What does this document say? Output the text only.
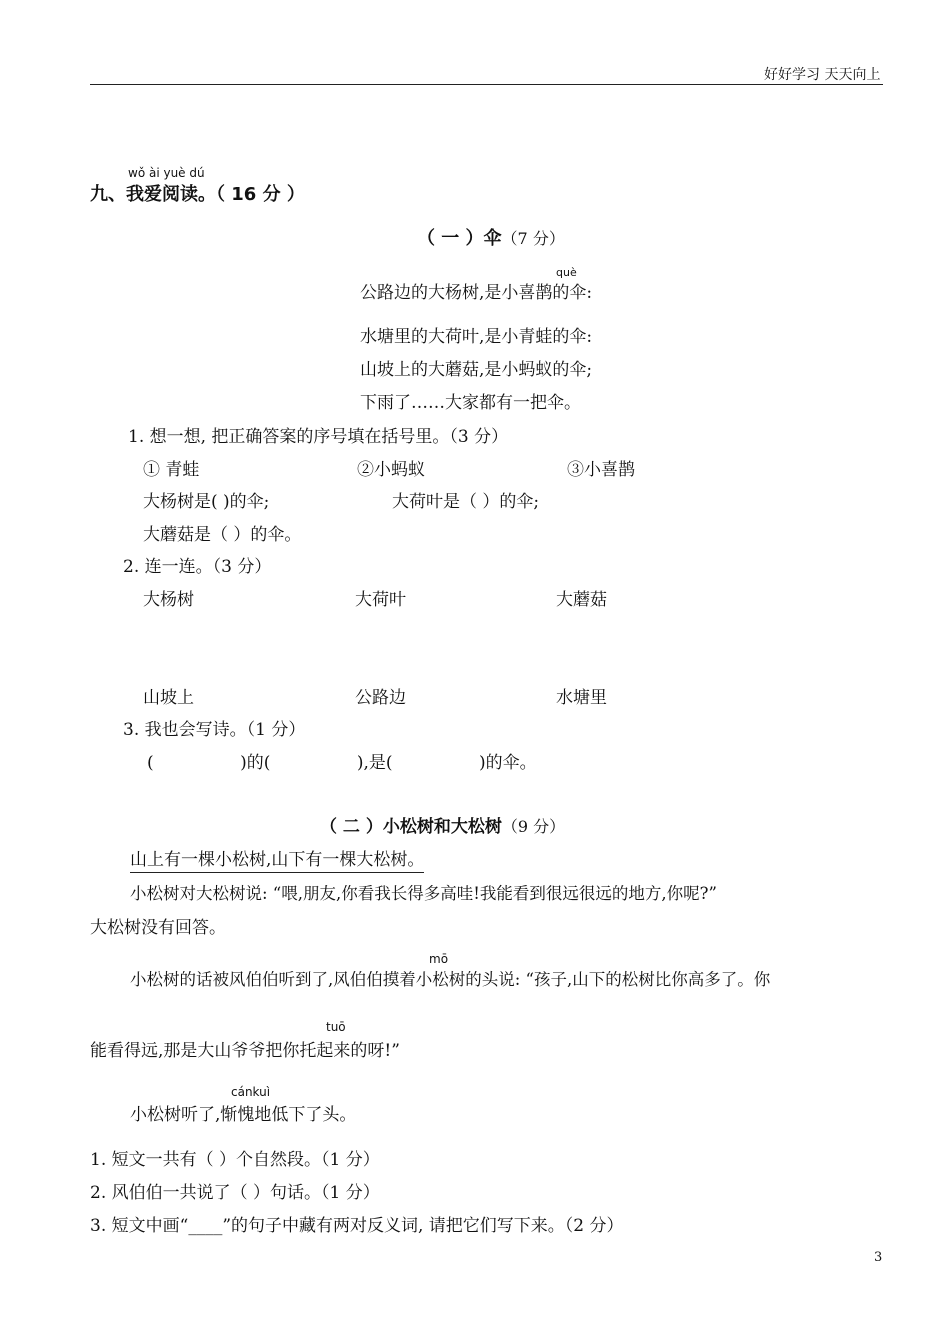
好好学习 天天向上
wǒ ài yuè dú
九、我爱阅读。（ 16 分 ）
（ 一 ）伞（7 分）
què
公路边的大杨树,是小喜鹊的伞:
水塘里的大荷叶,是小青蛙的伞:
山坡上的大蘑菇,是小蚂蚁的伞;
下雨了……大家都有一把伞。
1. 想一想, 把正确答案的序号填在括号里。（3 分）
① 青蛙	②小蚂蚁	③小喜鹊
大杨树是( )的伞;	大荷叶是（ ）的伞;
大蘑菇是（ ）的伞。
2. 连一连。（3 分）
大杨树	大荷叶	大蘑菇
山坡上	公路边	水塘里
3. 我也会写诗。（1 分）
(                )的(                ),是(                )的伞。
（ 二 ）小松树和大松树（9 分）
山上有一棵小松树,山下有一棵大松树。
小松树对大松树说: “喂,朋友,你看我长得多高哇!我能看到很远很远的地方,你呢?”
大松树没有回答。
mō
小松树的话被风伯伯听到了,风伯伯摸着小松树的头说: “孩子,山下的松树比你高多了。你
tuō
能看得远,那是大山爷爷把你托起来的呀!”
cánkuì
小松树听了,惭愧地低下了头。
1. 短文一共有（ ）个自然段。（1 分）
2. 风伯伯一共说了（ ）句话。（1 分）
3. 短文中画“____”的句子中藏有两对反义词, 请把它们写下来。（2 分）
3
